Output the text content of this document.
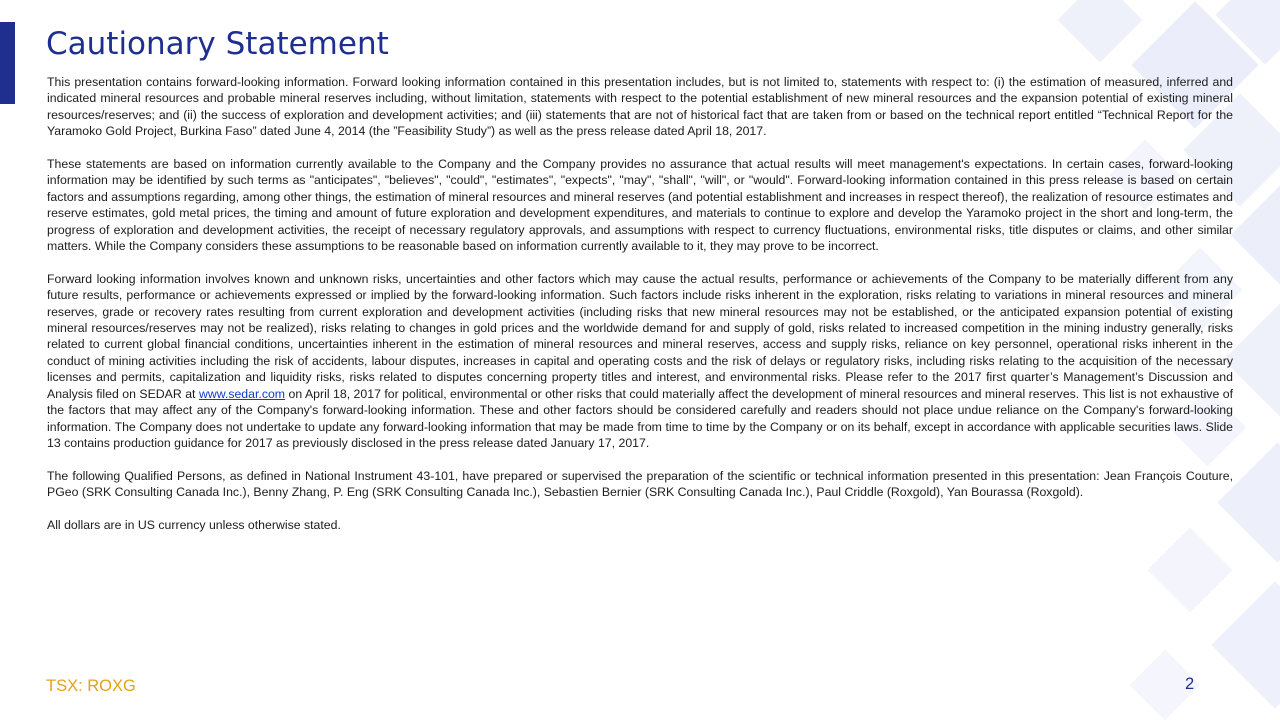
Cautionary Statement

This presentation contains forward-looking information. Forward looking information contained in this presentation includes, but is not limited to, statements with respect to: (i) the estimation of measured, inferred and indicated mineral resources and probable mineral reserves including, without limitation, statements with respect to the potential establishment of new mineral resources and the expansion potential of existing mineral resources/reserves; and (ii) the success of exploration and development activities; and (iii) statements that are not of historical fact that are taken from or based on the technical report entitled “Technical Report for the Yaramoko Gold Project, Burkina Faso” dated June 4, 2014 (the ”Feasibility Study”) as well as the press release dated April 18, 2017.

These statements are based on information currently available to the Company and the Company provides no assurance that actual results will meet management's expectations. In certain cases, forward-looking information may be identified by such terms as "anticipates", "believes", "could", "estimates", "expects", "may", "shall", "will", or "would". Forward-looking information contained in this press release is based on certain factors and assumptions regarding, among other things, the estimation of mineral resources and mineral reserves (and potential establishment and increases in respect thereof), the realization of resource estimates and reserve estimates, gold metal prices, the timing and amount of future exploration and development expenditures, and materials to continue to explore and develop the Yaramoko project in the short and long-term, the progress of exploration and development activities, the receipt of necessary regulatory approvals, and assumptions with respect to currency fluctuations, environmental risks, title disputes or claims, and other similar matters. While the Company considers these assumptions to be reasonable based on information currently available to it, they may prove to be incorrect.

Forward looking information involves known and unknown risks, uncertainties and other factors which may cause the actual results, performance or achievements of the Company to be materially different from any future results, performance or achievements expressed or implied by the forward-looking information. Such factors include risks inherent in the exploration, risks relating to variations in mineral resources and mineral reserves, grade or recovery rates resulting from current exploration and development activities (including risks that new mineral resources may not be established, or the anticipated expansion potential of existing mineral resources/reserves may not be realized), risks relating to changes in gold prices and the worldwide demand for and supply of gold, risks related to increased competition in the mining industry generally, risks related to current global financial conditions, uncertainties inherent in the estimation of mineral resources and mineral reserves, access and supply risks, reliance on key personnel, operational risks inherent in the conduct of mining activities including the risk of accidents, labour disputes, increases in capital and operating costs and the risk of delays or regulatory risks, including risks relating to the acquisition of the necessary licenses and permits, capitalization and liquidity risks, risks related to disputes concerning property titles and interest, and environmental risks. Please refer to the 2017 first quarter’s Management’s Discussion and Analysis filed on SEDAR at www.sedar.com on April 18, 2017 for political, environmental or other risks that could materially affect the development of mineral resources and mineral reserves. This list is not exhaustive of the factors that may affect any of the Company's forward-looking information. These and other factors should be considered carefully and readers should not place undue reliance on the Company's forward-looking information. The Company does not undertake to update any forward-looking information that may be made from time to time by the Company or on its behalf, except in accordance with applicable securities laws. Slide 13 contains production guidance for 2017 as previously disclosed in the press release dated January 17, 2017.

The following Qualified Persons, as defined in National Instrument 43-101, have prepared or supervised the preparation of the scientific or technical information presented in this presentation: Jean François Couture, PGeo (SRK Consulting Canada Inc.), Benny Zhang, P. Eng (SRK Consulting Canada Inc.), Sebastien Bernier (SRK Consulting Canada Inc.), Paul Criddle (Roxgold), Yan Bourassa (Roxgold).

All dollars are in US currency unless otherwise stated.

TSX: ROXG	2
